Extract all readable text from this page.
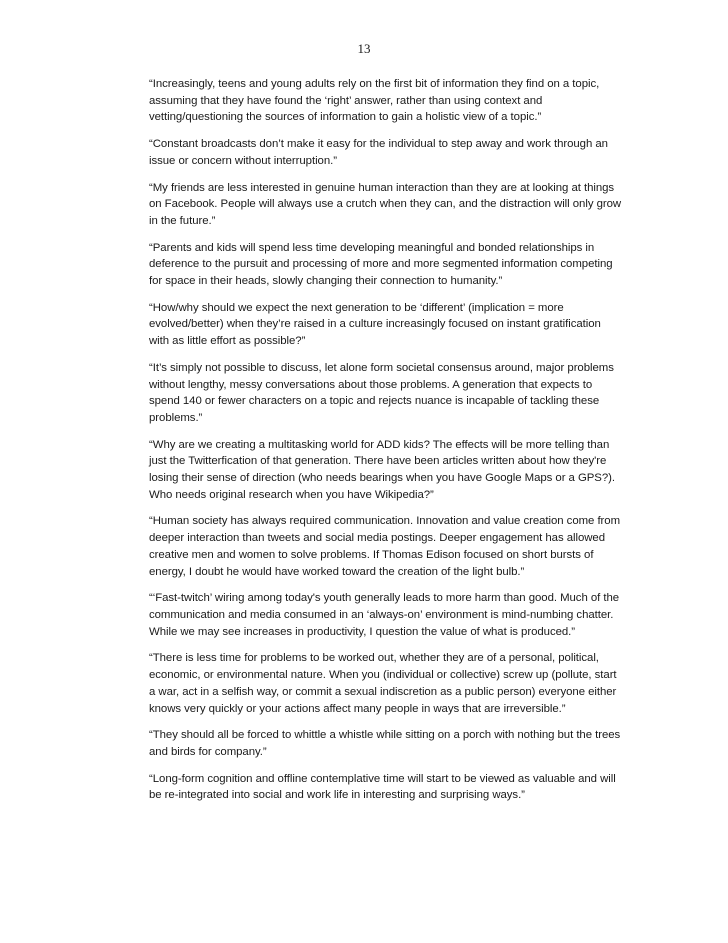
13

“Increasingly, teens and young adults rely on the first bit of information they find on a topic, assuming that they have found the ‘right’ answer, rather than using context and vetting/questioning the sources of information to gain a holistic view of a topic.”

“Constant broadcasts don’t make it easy for the individual to step away and work through an issue or concern without interruption.”

“My friends are less interested in genuine human interaction than they are at looking at things on Facebook. People will always use a crutch when they can, and the distraction will only grow in the future.”

“Parents and kids will spend less time developing meaningful and bonded relationships in deference to the pursuit and processing of more and more segmented information competing for space in their heads, slowly changing their connection to humanity.”

“How/why should we expect the next generation to be ‘different’ (implication = more evolved/better) when they’re raised in a culture increasingly focused on instant gratification with as little effort as possible?”

“It’s simply not possible to discuss, let alone form societal consensus around, major problems without lengthy, messy conversations about those problems. A generation that expects to spend 140 or fewer characters on a topic and rejects nuance is incapable of tackling these problems.”

“Why are we creating a multitasking world for ADD kids? The effects will be more telling than just the Twitterfication of that generation. There have been articles written about how they're losing their sense of direction (who needs bearings when you have Google Maps or a GPS?). Who needs original research when you have Wikipedia?”

“Human society has always required communication. Innovation and value creation come from deeper interaction than tweets and social media postings. Deeper engagement has allowed creative men and women to solve problems. If Thomas Edison focused on short bursts of energy, I doubt he would have worked toward the creation of the light bulb.”

“‘Fast-twitch’ wiring among today's youth generally leads to more harm than good. Much of the communication and media consumed in an ‘always-on’ environment is mind-numbing chatter. While we may see increases in productivity, I question the value of what is produced.”

“There is less time for problems to be worked out, whether they are of a personal, political, economic, or environmental nature. When you (individual or collective) screw up (pollute, start a war, act in a selfish way, or commit a sexual indiscretion as a public person) everyone either knows very quickly or your actions affect many people in ways that are irreversible.”

“They should all be forced to whittle a whistle while sitting on a porch with nothing but the trees and birds for company.”

“Long-form cognition and offline contemplative time will start to be viewed as valuable and will be re-integrated into social and work life in interesting and surprising ways.”
